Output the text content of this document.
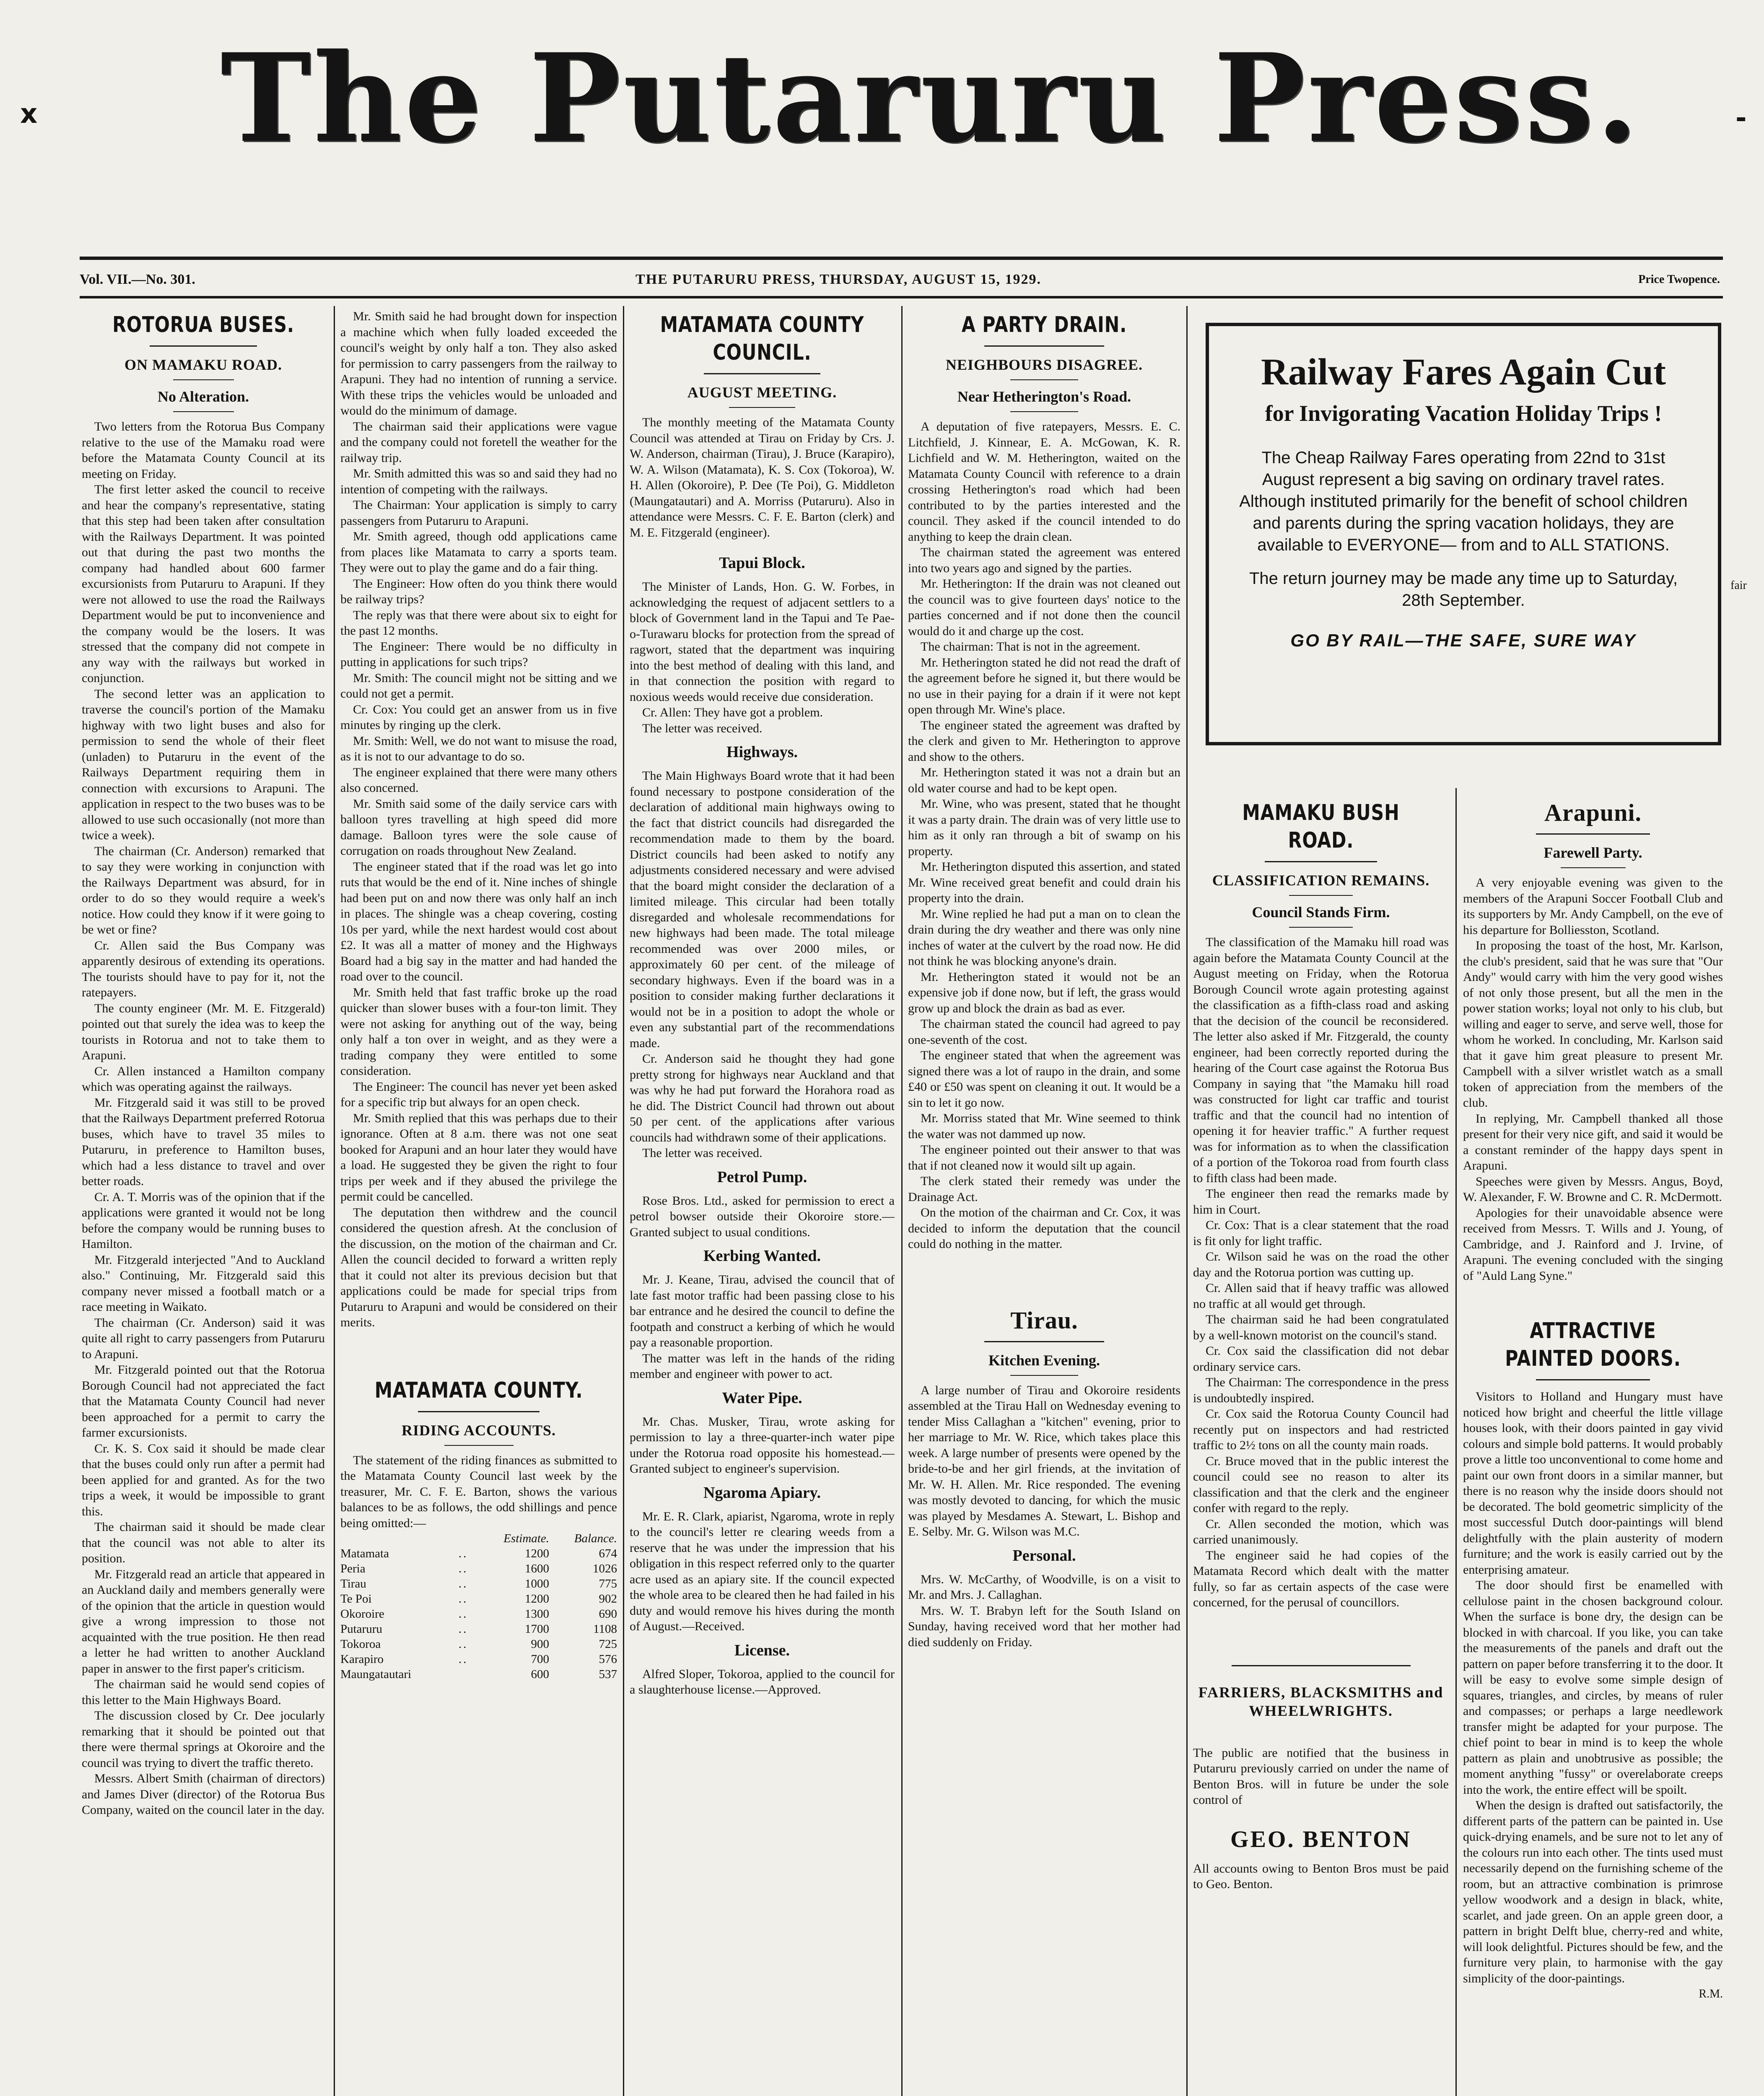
The Putaruru Press.
x	-
Vol. VII.—No. 301.	THE PUTARURU PRESS, THURSDAY, AUGUST 15, 1929.	Price Twopence.

ROTORUA BUSES.

ON MAMAKU ROAD.

No Alteration.

Two letters from the Rotorua Bus Company relative to the use of the Mamaku road were before the Matamata County Council at its meeting on Friday.

The first letter asked the council to receive and hear the company's representative, stating that this step had been taken after consultation with the Railways Department. It was pointed out that during the past two months the company had handled about 600 farmer excursionists from Putaruru to Arapuni. If they were not allowed to use the road the Railways Department would be put to inconvenience and the company would be the losers. It was stressed that the company did not compete in any way with the railways but worked in conjunction.

The second letter was an application to traverse the council's portion of the Mamaku highway with two light buses and also for permission to send the whole of their fleet (unladen) to Putaruru in the event of the Railways Department requiring them in connection with excursions to Arapuni. The application in respect to the two buses was to be allowed to use such occasionally (not more than twice a week).

The chairman (Cr. Anderson) remarked that to say they were working in conjunction with the Railways Department was absurd, for in order to do so they would require a week's notice. How could they know if it were going to be wet or fine?

Cr. Allen said the Bus Company was apparently desirous of extending its operations. The tourists should have to pay for it, not the ratepayers.

The county engineer (Mr. M. E. Fitzgerald) pointed out that surely the idea was to keep the tourists in Rotorua and not to take them to Arapuni.

Cr. Allen instanced a Hamilton company which was operating against the railways.

Mr. Fitzgerald said it was still to be proved that the Railways Department preferred Rotorua buses, which have to travel 35 miles to Putaruru, in preference to Hamilton buses, which had a less distance to travel and over better roads.

Cr. A. T. Morris was of the opinion that if the applications were granted it would not be long before the company would be running buses to Hamilton.

Mr. Fitzgerald interjected "And to Auckland also." Continuing, Mr. Fitzgerald said this company never missed a football match or a race meeting in Waikato.

The chairman (Cr. Anderson) said it was quite all right to carry passengers from Putaruru to Arapuni.

Mr. Fitzgerald pointed out that the Rotorua Borough Council had not appreciated the fact that the Matamata County Council had never been approached for a permit to carry the farmer excursionists.

Cr. K. S. Cox said it should be made clear that the buses could only run after a permit had been applied for and granted. As for the two trips a week, it would be impossible to grant this.

The chairman said it should be made clear that the council was not able to alter its position.

Mr. Fitzgerald read an article that appeared in an Auckland daily and members generally were of the opinion that the article in question would give a wrong impression to those not acquainted with the true position. He then read a letter he had written to another Auckland paper in answer to the first paper's criticism.

The chairman said he would send copies of this letter to the Main Highways Board.

The discussion closed by Cr. Dee jocularly remarking that it should be pointed out that there were thermal springs at Okoroire and the council was trying to divert the traffic thereto.

Messrs. Albert Smith (chairman of directors) and James Diver (director) of the Rotorua Bus Company, waited on the council later in the day.

Mr. Smith said he had brought down for inspection a machine which when fully loaded exceeded the council's weight by only half a ton. They also asked for permission to carry passengers from the railway to Arapuni. They had no intention of running a service. With these trips the vehicles would be unloaded and would do the minimum of damage.

The chairman said their applications were vague and the company could not foretell the weather for the railway trip.

Mr. Smith admitted this was so and said they had no intention of competing with the railways.

The Chairman: Your application is simply to carry passengers from Putaruru to Arapuni.

Mr. Smith agreed, though odd applications came from places like Matamata to carry a sports team. They were out to play the game and do a fair thing.

The Engineer: How often do you think there would be railway trips?

The reply was that there were about six to eight for the past 12 months.

The Engineer: There would be no difficulty in putting in applications for such trips?

Mr. Smith: The council might not be sitting and we could not get a permit.

Cr. Cox: You could get an answer from us in five minutes by ringing up the clerk.

Mr. Smith: Well, we do not want to misuse the road, as it is not to our advantage to do so.

The engineer explained that there were many others also concerned.

Mr. Smith said some of the daily service cars with balloon tyres travelling at high speed did more damage. Balloon tyres were the sole cause of corrugation on roads throughout New Zealand.

The engineer stated that if the road was let go into ruts that would be the end of it. Nine inches of shingle had been put on and now there was only half an inch in places. The shingle was a cheap covering, costing 10s per yard, while the next hardest would cost about £2. It was all a matter of money and the Highways Board had a big say in the matter and had handed the road over to the council.

Mr. Smith held that fast traffic broke up the road quicker than slower buses with a four-ton limit. They were not asking for anything out of the way, being only half a ton over in weight, and as they were a trading company they were entitled to some consideration.

The Engineer: The council has never yet been asked for a specific trip but always for an open check.

Mr. Smith replied that this was perhaps due to their ignorance. Often at 8 a.m. there was not one seat booked for Arapuni and an hour later they would have a load. He suggested they be given the right to four trips per week and if they abused the privilege the permit could be cancelled.

The deputation then withdrew and the council considered the question afresh. At the conclusion of the discussion, on the motion of the chairman and Cr. Allen the council decided to forward a written reply that it could not alter its previous decision but that applications could be made for special trips from Putaruru to Arapuni and would be considered on their merits.

MATAMATA COUNTY.

RIDING ACCOUNTS.

The statement of the riding finances as submitted to the Matamata County Council last week by the treasurer, Mr. C. F. E. Barton, shows the various balances to be as follows, the odd shillings and pence being omitted:—

		Estimate.	Balance.
Matamata	..	1200	674
Peria	..	1600	1026
Tirau	..	1000	775
Te Poi	..	1200	902
Okoroire	..	1300	690
Putaruru	..	1700	1108
Tokoroa	..	900	725
Karapiro	..	700	576
Maungatautari		600	537

MATAMATA COUNTY COUNCIL.

AUGUST MEETING.

The monthly meeting of the Matamata County Council was attended at Tirau on Friday by Crs. J. W. Anderson, chairman (Tirau), J. Bruce (Karapiro), W. A. Wilson (Matamata), K. S. Cox (Tokoroa), W. H. Allen (Okoroire), P. Dee (Te Poi), G. Middleton (Maungatautari) and A. Morriss (Putaruru). Also in attendance were Messrs. C. F. E. Barton (clerk) and M. E. Fitzgerald (engineer).

Tapui Block.

The Minister of Lands, Hon. G. W. Forbes, in acknowledging the request of adjacent settlers to a block of Government land in the Tapui and Te Pae-o-Turawaru blocks for protection from the spread of ragwort, stated that the department was inquiring into the best method of dealing with this land, and in that connection the position with regard to noxious weeds would receive due consideration.

Cr. Allen: They have got a problem.

The letter was received.

Highways.

The Main Highways Board wrote that it had been found necessary to postpone consideration of the declaration of additional main highways owing to the fact that district councils had disregarded the recommendation made to them by the board. District councils had been asked to notify any adjustments considered necessary and were advised that the board might consider the declaration of a limited mileage. This circular had been totally disregarded and wholesale recommendations for new highways had been made. The total mileage recommended was over 2000 miles, or approximately 60 per cent. of the mileage of secondary highways. Even if the board was in a position to consider making further declarations it would not be in a position to adopt the whole or even any substantial part of the recommendations made.

Cr. Anderson said he thought they had gone pretty strong for highways near Auckland and that was why he had put forward the Horahora road as he did. The District Council had thrown out about 50 per cent. of the applications after various councils had withdrawn some of their applications.

The letter was received.

Petrol Pump.

Rose Bros. Ltd., asked for permission to erect a petrol bowser outside their Okoroire store.—Granted subject to usual conditions.

Kerbing Wanted.

Mr. J. Keane, Tirau, advised the council that of late fast motor traffic had been passing close to his bar entrance and he desired the council to define the footpath and construct a kerbing of which he would pay a reasonable proportion.

The matter was left in the hands of the riding member and engineer with power to act.

Water Pipe.

Mr. Chas. Musker, Tirau, wrote asking for permission to lay a three-quarter-inch water pipe under the Rotorua road opposite his homestead.—Granted subject to engineer's supervision.

Ngaroma Apiary.

Mr. E. R. Clark, apiarist, Ngaroma, wrote in reply to the council's letter re clearing weeds from a reserve that he was under the impression that his obligation in this respect referred only to the quarter acre used as an apiary site. If the council expected the whole area to be cleared then he had failed in his duty and would remove his hives during the month of August.—Received.

License.

Alfred Sloper, Tokoroa, applied to the council for a slaughterhouse license.—Approved.

A PARTY DRAIN.

NEIGHBOURS DISAGREE.

Near Hetherington's Road.

A deputation of five ratepayers, Messrs. E. C. Litchfield, J. Kinnear, E. A. McGowan, K. R. Lichfield and W. M. Hetherington, waited on the Matamata County Council with reference to a drain crossing Hetherington's road which had been contributed to by the parties interested and the council. They asked if the council intended to do anything to keep the drain clean.

The chairman stated the agreement was entered into two years ago and signed by the parties.

Mr. Hetherington: If the drain was not cleaned out the council was to give fourteen days' notice to the parties concerned and if not done then the council would do it and charge up the cost.

The chairman: That is not in the agreement.

Mr. Hetherington stated he did not read the draft of the agreement before he signed it, but there would be no use in their paying for a drain if it were not kept open through Mr. Wine's place.

The engineer stated the agreement was drafted by the clerk and given to Mr. Hetherington to approve and show to the others.

Mr. Hetherington stated it was not a drain but an old water course and had to be kept open.

Mr. Wine, who was present, stated that he thought it was a party drain. The drain was of very little use to him as it only ran through a bit of swamp on his property.

Mr. Hetherington disputed this assertion, and stated Mr. Wine received great benefit and could drain his property into the drain.

Mr. Wine replied he had put a man on to clean the drain during the dry weather and there was only nine inches of water at the culvert by the road now. He did not think he was blocking anyone's drain.

Mr. Hetherington stated it would not be an expensive job if done now, but if left, the grass would grow up and block the drain as bad as ever.

The chairman stated the council had agreed to pay one-seventh of the cost.

The engineer stated that when the agreement was signed there was a lot of raupo in the drain, and some £40 or £50 was spent on cleaning it out. It would be a sin to let it go now.

Mr. Morriss stated that Mr. Wine seemed to think the water was not dammed up now.

The engineer pointed out their answer to that was that if not cleaned now it would silt up again.

The clerk stated their remedy was under the Drainage Act.

On the motion of the chairman and Cr. Cox, it was decided to inform the deputation that the council could do nothing in the matter.

Tirau.

Kitchen Evening.

A large number of Tirau and Okoroire residents assembled at the Tirau Hall on Wednesday evening to tender Miss Callaghan a "kitchen" evening, prior to her marriage to Mr. W. Rice, which takes place this week. A large number of presents were opened by the bride-to-be and her girl friends, at the invitation of Mr. W. H. Allen. Mr. Rice responded. The evening was mostly devoted to dancing, for which the music was played by Mesdames A. Stewart, L. Bishop and E. Selby. Mr. G. Wilson was M.C.

Personal.

Mrs. W. McCarthy, of Woodville, is on a visit to Mr. and Mrs. J. Callaghan.

Mrs. W. T. Brabyn left for the South Island on Sunday, having received word that her mother had died suddenly on Friday.

Railway Fares Again Cut
for Invigorating Vacation Holiday Trips !
The Cheap Railway Fares operating from 22nd to 31st August represent a big saving on ordinary travel rates. Although instituted primarily for the benefit of school children and parents during the spring vacation holidays, they are available to EVERYONE— from and to ALL STATIONS.
The return journey may be made any time up to Saturday, 28th September.
GO BY RAIL—THE SAFE, SURE WAY
fair

MAMAKU BUSH ROAD.

CLASSIFICATION REMAINS.

Council Stands Firm.

The classification of the Mamaku hill road was again before the Matamata County Council at the August meeting on Friday, when the Rotorua Borough Council wrote again protesting against the classification as a fifth-class road and asking that the decision of the council be reconsidered. The letter also asked if Mr. Fitzgerald, the county engineer, had been correctly reported during the hearing of the Court case against the Rotorua Bus Company in saying that "the Mamaku hill road was constructed for light car traffic and tourist traffic and that the council had no intention of opening it for heavier traffic." A further request was for information as to when the classification of a portion of the Tokoroa road from fourth class to fifth class had been made.

The engineer then read the remarks made by him in Court.

Cr. Cox: That is a clear statement that the road is fit only for light traffic.

Cr. Wilson said he was on the road the other day and the Rotorua portion was cutting up.

Cr. Allen said that if heavy traffic was allowed no traffic at all would get through.

The chairman said he had been congratulated by a well-known motorist on the council's stand.

Cr. Cox said the classification did not debar ordinary service cars.

The Chairman: The correspondence in the press is undoubtedly inspired.

Cr. Cox said the Rotorua County Council had recently put on inspectors and had restricted traffic to 2½ tons on all the county main roads.

Cr. Bruce moved that in the public interest the council could see no reason to alter its classification and that the clerk and the engineer confer with regard to the reply.

Cr. Allen seconded the motion, which was carried unanimously.

The engineer said he had copies of the Matamata Record which dealt with the matter fully, so far as certain aspects of the case were concerned, for the perusal of councillors.

FARRIERS, BLACKSMITHS and WHEELWRIGHTS.

The public are notified that the business in Putaruru previously carried on under the name of Benton Bros. will in future be under the sole control of

GEO. BENTON

All accounts owing to Benton Bros must be paid to Geo. Benton.

Arapuni.

Farewell Party.

A very enjoyable evening was given to the members of the Arapuni Soccer Football Club and its supporters by Mr. Andy Campbell, on the eve of his departure for Bolliesston, Scotland.

In proposing the toast of the host, Mr. Karlson, the club's president, said that he was sure that "Our Andy" would carry with him the very good wishes of not only those present, but all the men in the power station works; loyal not only to his club, but willing and eager to serve, and serve well, those for whom he worked. In concluding, Mr. Karlson said that it gave him great pleasure to present Mr. Campbell with a silver wristlet watch as a small token of appreciation from the members of the club.

In replying, Mr. Campbell thanked all those present for their very nice gift, and said it would be a constant reminder of the happy days spent in Arapuni.

Speeches were given by Messrs. Angus, Boyd, W. Alexander, F. W. Browne and C. R. McDermott.

Apologies for their unavoidable absence were received from Messrs. T. Wills and J. Young, of Cambridge, and J. Rainford and J. Irvine, of Arapuni. The evening concluded with the singing of "Auld Lang Syne."

ATTRACTIVE PAINTED DOORS.

Visitors to Holland and Hungary must have noticed how bright and cheerful the little village houses look, with their doors painted in gay vivid colours and simple bold patterns. It would probably prove a little too unconventional to come home and paint our own front doors in a similar manner, but there is no reason why the inside doors should not be decorated. The bold geometric simplicity of the most successful Dutch door-paintings will blend delightfully with the plain austerity of modern furniture; and the work is easily carried out by the enterprising amateur.

The door should first be enamelled with cellulose paint in the chosen background colour. When the surface is bone dry, the design can be blocked in with charcoal. If you like, you can take the measurements of the panels and draft out the pattern on paper before transferring it to the door. It will be easy to evolve some simple design of squares, triangles, and circles, by means of ruler and compasses; or perhaps a large needlework transfer might be adapted for your purpose. The chief point to bear in mind is to keep the whole pattern as plain and unobtrusive as possible; the moment anything "fussy" or overelaborate creeps into the work, the entire effect will be spoilt.

When the design is drafted out satisfactorily, the different parts of the pattern can be painted in. Use quick-drying enamels, and be sure not to let any of the colours run into each other. The tints used must necessarily depend on the furnishing scheme of the room, but an attractive combination is primrose yellow woodwork and a design in black, white, scarlet, and jade green. On an apple green door, a pattern in bright Delft blue, cherry-red and white, will look delightful. Pictures should be few, and the furniture very plain, to harmonise with the gay simplicity of the door-paintings.

R.M.
